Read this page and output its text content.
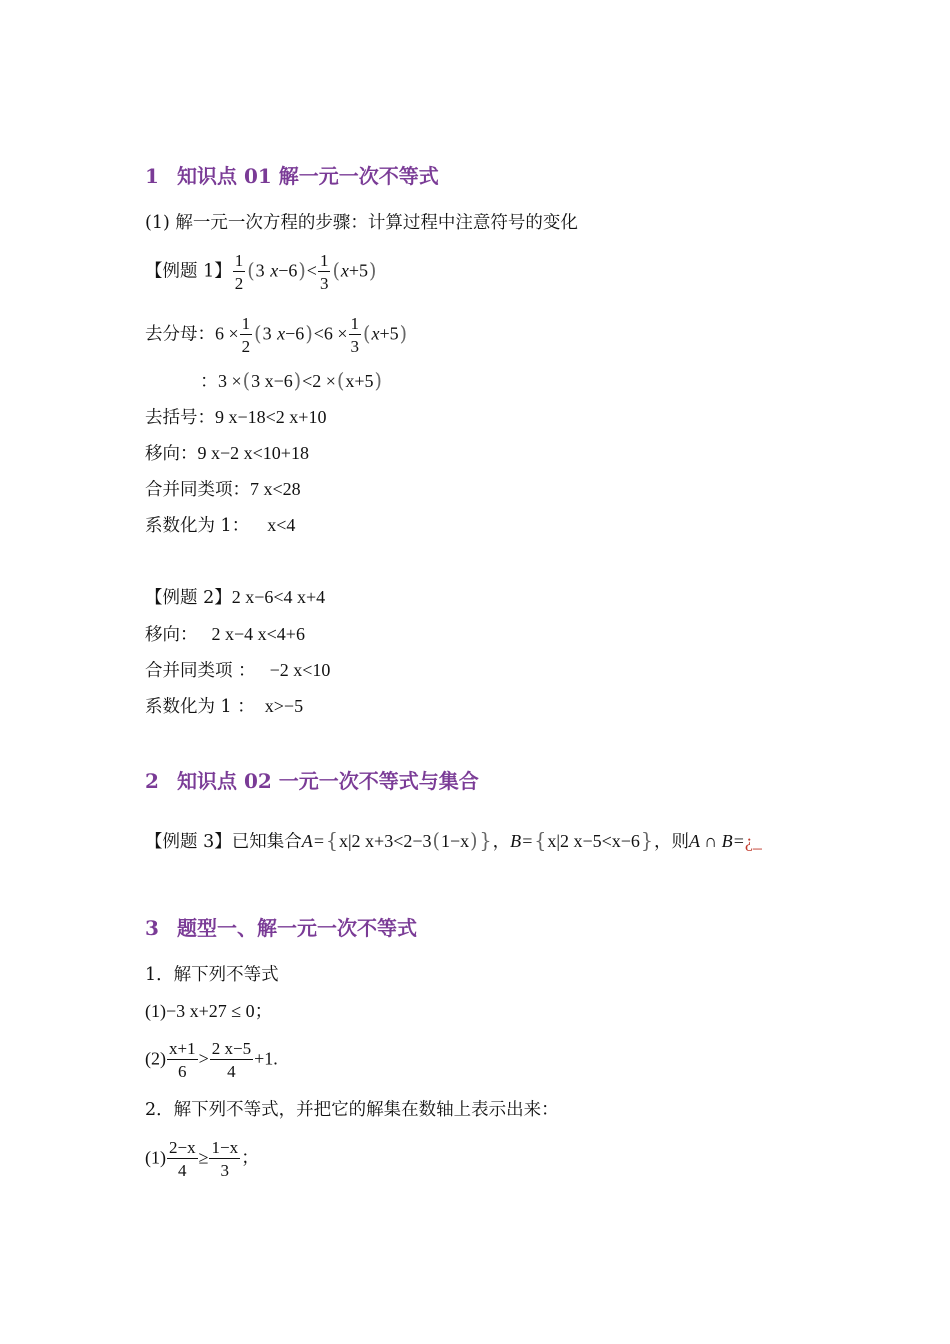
1 知识点 01 解一元一次不等式
(1) 解一元一次方程的步骤：计算过程中注意符号的变化
【例题 1】 $\frac{1}{2} (3$ $x-6)< \frac{1}{3} (x+5)$
去分母：$6 \times \frac{1}{2} (3$ $x-6)<6 \times \frac{1}{3} (x+5)$
：3 ×(3 x−6)<2 ×(x+5)
去括号：9 x−18<2 x+10
移向：9 x−2 x<10+18
合并同类项：7 x<28
系数化为 1： x<4
【例题 2】2 x−6<4 x+4
移向： 2 x−4 x<4+6
合并同类项 ： −2 x<10
系数化为 1 ： x>−5
2 知识点 02 一元一次不等式与集合
【例题 3】已知集合A={x|2 x+3<2−3(1−x) }，B={x|2 x−5<x−6}，则A ∩ B=¿_
3 题型一、解一元一次不等式
1．解下列不等式
(1)−3 x+27 ≤ 0；
$(2) \frac{x+1}{6} > \frac{2 x-5}{4} +1$.
2．解下列不等式，并把它的解集在数轴上表示出来：
$(1) \frac{2-x}{4} \ge \frac{1-x}{3}$ ；
